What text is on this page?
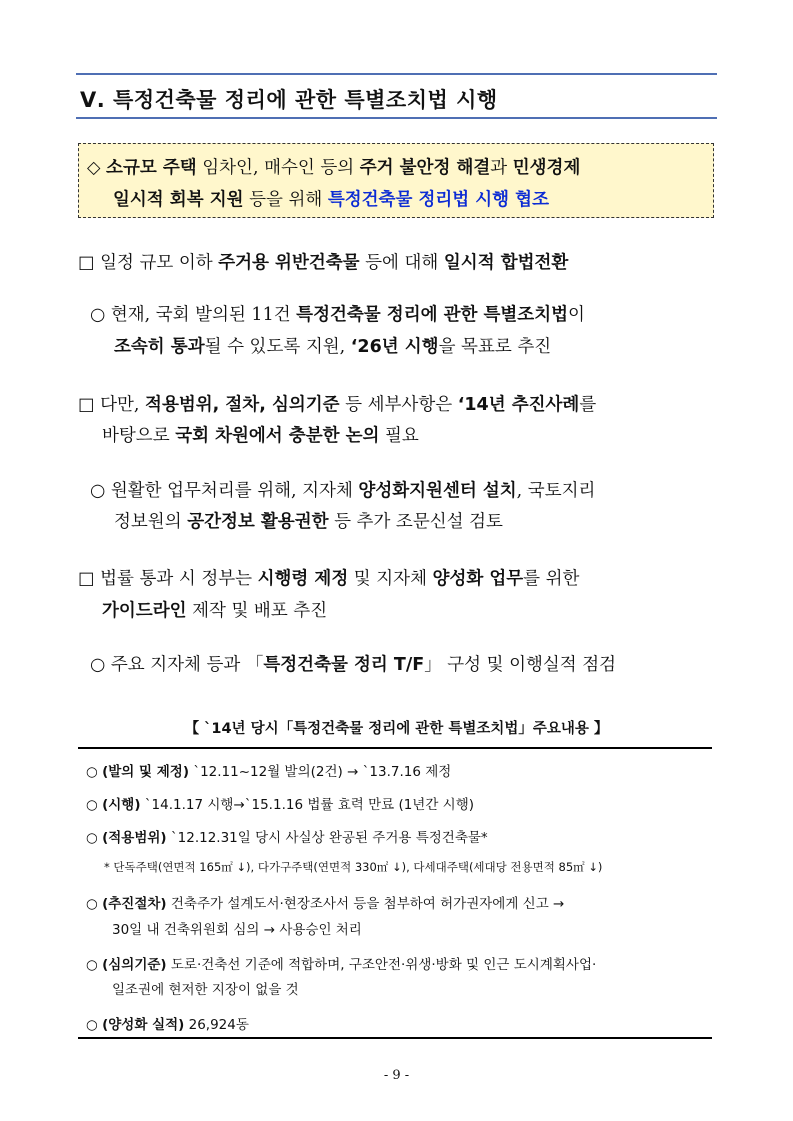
Ⅴ. 특정건축물 정리에 관한 특별조치법 시행
◇ 소규모 주택 임차인, 매수인 등의 주거 불안정 해결과 민생경제
일시적 회복 지원 등을 위해 특정건축물 정리법 시행 협조
□ 일정 규모 이하 주거용 위반건축물 등에 대해 일시적 합법전환
○ 현재, 국회 발의된 11건 특정건축물 정리에 관한 특별조치법이
조속히 통과될 수 있도록 지원, ‘26년 시행을 목표로 추진
□ 다만, 적용범위, 절차, 심의기준 등 세부사항은 ‘14년 추진사례를
바탕으로 국회 차원에서 충분한 논의 필요
○ 원활한 업무처리를 위해, 지자체 양성화지원센터 설치, 국토지리
정보원의 공간정보 활용권한 등 추가 조문신설 검토
□ 법률 통과 시 정부는 시행령 제정 및 지자체 양성화 업무를 위한
가이드라인 제작 및 배포 추진
○ 주요 지자체 등과 「특정건축물 정리 T/F」 구성 및 이행실적 점검
【 `14년 당시「특정건축물 정리에 관한 특별조치법」주요내용 】
○ (발의 및 제정) `12.11~12월 발의(2건) → `13.7.16 제정
○ (시행) `14.1.17 시행→`15.1.16 법률 효력 만료 (1년간 시행)
○ (적용범위) `12.12.31일 당시 사실상 완공된 주거용 특정건축물*
* 단독주택(연면적 165㎡ ↓), 다가구주택(연면적 330㎡ ↓), 다세대주택(세대당 전용면적 85㎡ ↓)
○ (추진절차) 건축주가 설계도서·현장조사서 등을 첨부하여 허가권자에게 신고 →
30일 내 건축위원회 심의 → 사용승인 처리
○ (심의기준) 도로·건축선 기준에 적합하며, 구조안전·위생·방화 및 인근 도시계획사업·
일조권에 현저한 지장이 없을 것
○ (양성화 실적) 26,924동
- 9 -
